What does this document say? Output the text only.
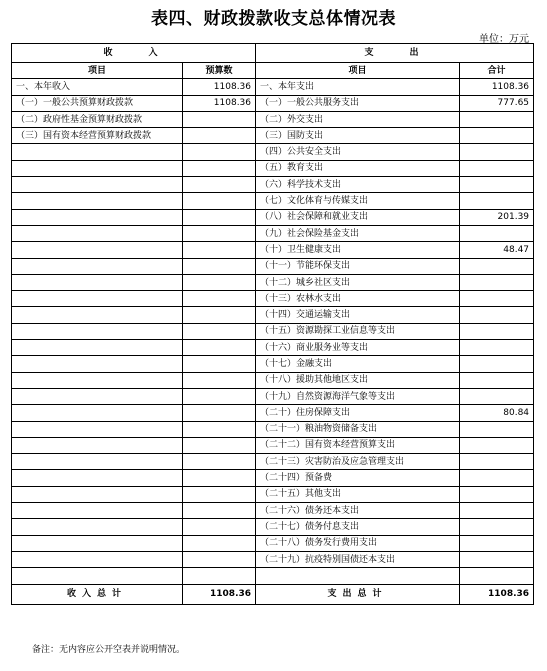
表四、财政拨款收支总体情况表
单位：万元
收　　入		支　　出	
项目	预算数	项目	合计
一、本年收入	1108.36	一、本年支出	1108.36
（一）一般公共预算财政拨款	1108.36	（一）一般公共服务支出	777.65
（二）政府性基金预算财政拨款		（二）外交支出	
（三）国有资本经营预算财政拨款		（三）国防支出	
		（四）公共安全支出	
		（五）教育支出	
		（六）科学技术支出	
		（七）文化体育与传媒支出	
		（八）社会保障和就业支出	201.39
		（九）社会保险基金支出	
		（十）卫生健康支出	48.47
		（十一）节能环保支出	
		（十二）城乡社区支出	
		（十三）农林水支出	
		（十四）交通运输支出	
		（十五）资源勘探工业信息等支出	
		（十六）商业服务业等支出	
		（十七）金融支出	
		（十八）援助其他地区支出	
		（十九）自然资源海洋气象等支出	
		（二十）住房保障支出	80.84
		（二十一）粮油物资储备支出	
		（二十二）国有资本经营预算支出	
		（二十三）灾害防治及应急管理支出	
		（二十四）预备费	
		（二十五）其他支出	
		（二十六）债务还本支出	
		（二十七）债务付息支出	
		（二十八）债务发行费用支出	
		（二十九）抗疫特别国债还本支出	

收入总计	1108.36	支出总计	1108.36
备注：无内容应公开空表并说明情况。
